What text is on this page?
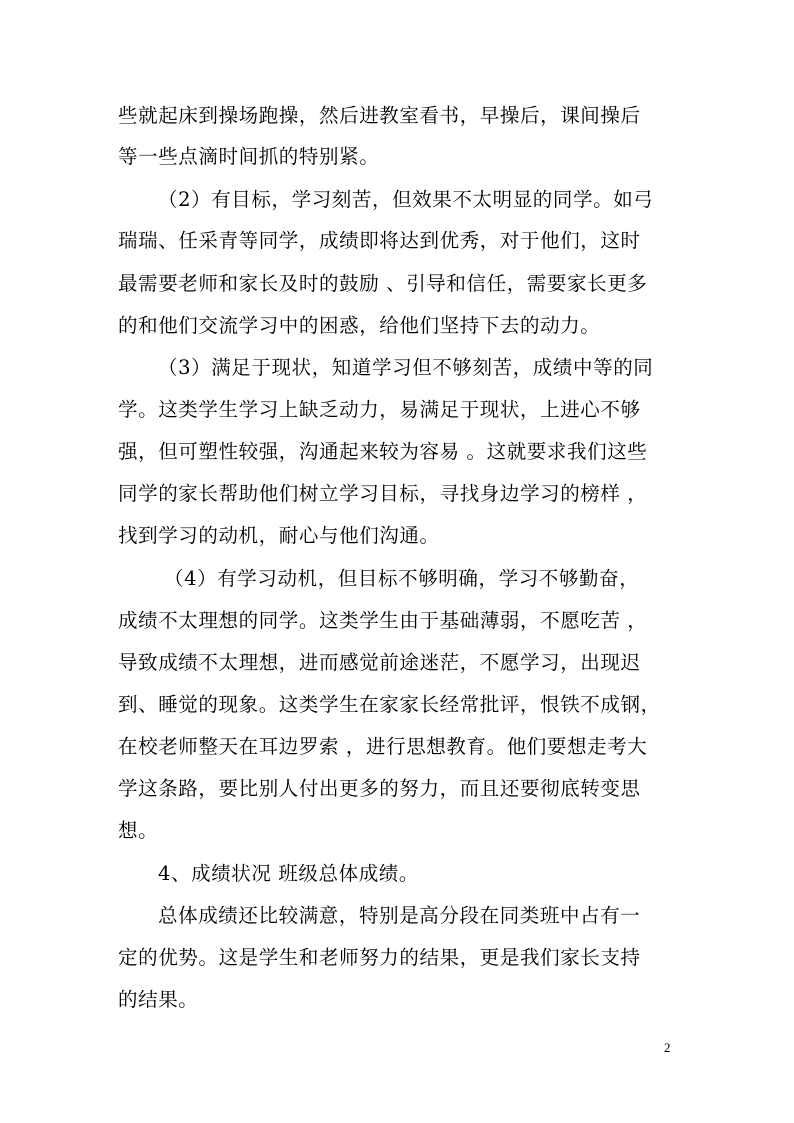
些就起床到操场跑操，然后进教室看书，早操后，课间操后
等一些点滴时间抓的特别紧。
（2）有目标，学习刻苦，但效果不太明显的同学。如弓
瑞瑞、任采青等同学，成绩即将达到优秀，对于他们，这时
最需要老师和家长及时的鼓励 、引导和信任，需要家长更多
的和他们交流学习中的困惑，给他们坚持下去的动力。
（3）满足于现状，知道学习但不够刻苦，成绩中等的同
学。这类学生学习上缺乏动力，易满足于现状，上进心不够
强，但可塑性较强，沟通起来较为容易 。这就要求我们这些
同学的家长帮助他们树立学习目标，寻找身边学习的榜样 ，
找到学习的动机，耐心与他们沟通。
（4）有学习动机，但目标不够明确，学习不够勤奋，
成绩不太理想的同学。这类学生由于基础薄弱，不愿吃苦 ，
导致成绩不太理想，进而感觉前途迷茫，不愿学习，出现迟
到、睡觉的现象。这类学生在家家长经常批评，恨铁不成钢，
在校老师整天在耳边罗索 ，进行思想教育。他们要想走考大
学这条路，要比别人付出更多的努力，而且还要彻底转变思
想。
4、成绩状况 班级总体成绩。
总体成绩还比较满意，特别是高分段在同类班中占有一
定的优势。这是学生和老师努力的结果，更是我们家长支持
的结果。
2
